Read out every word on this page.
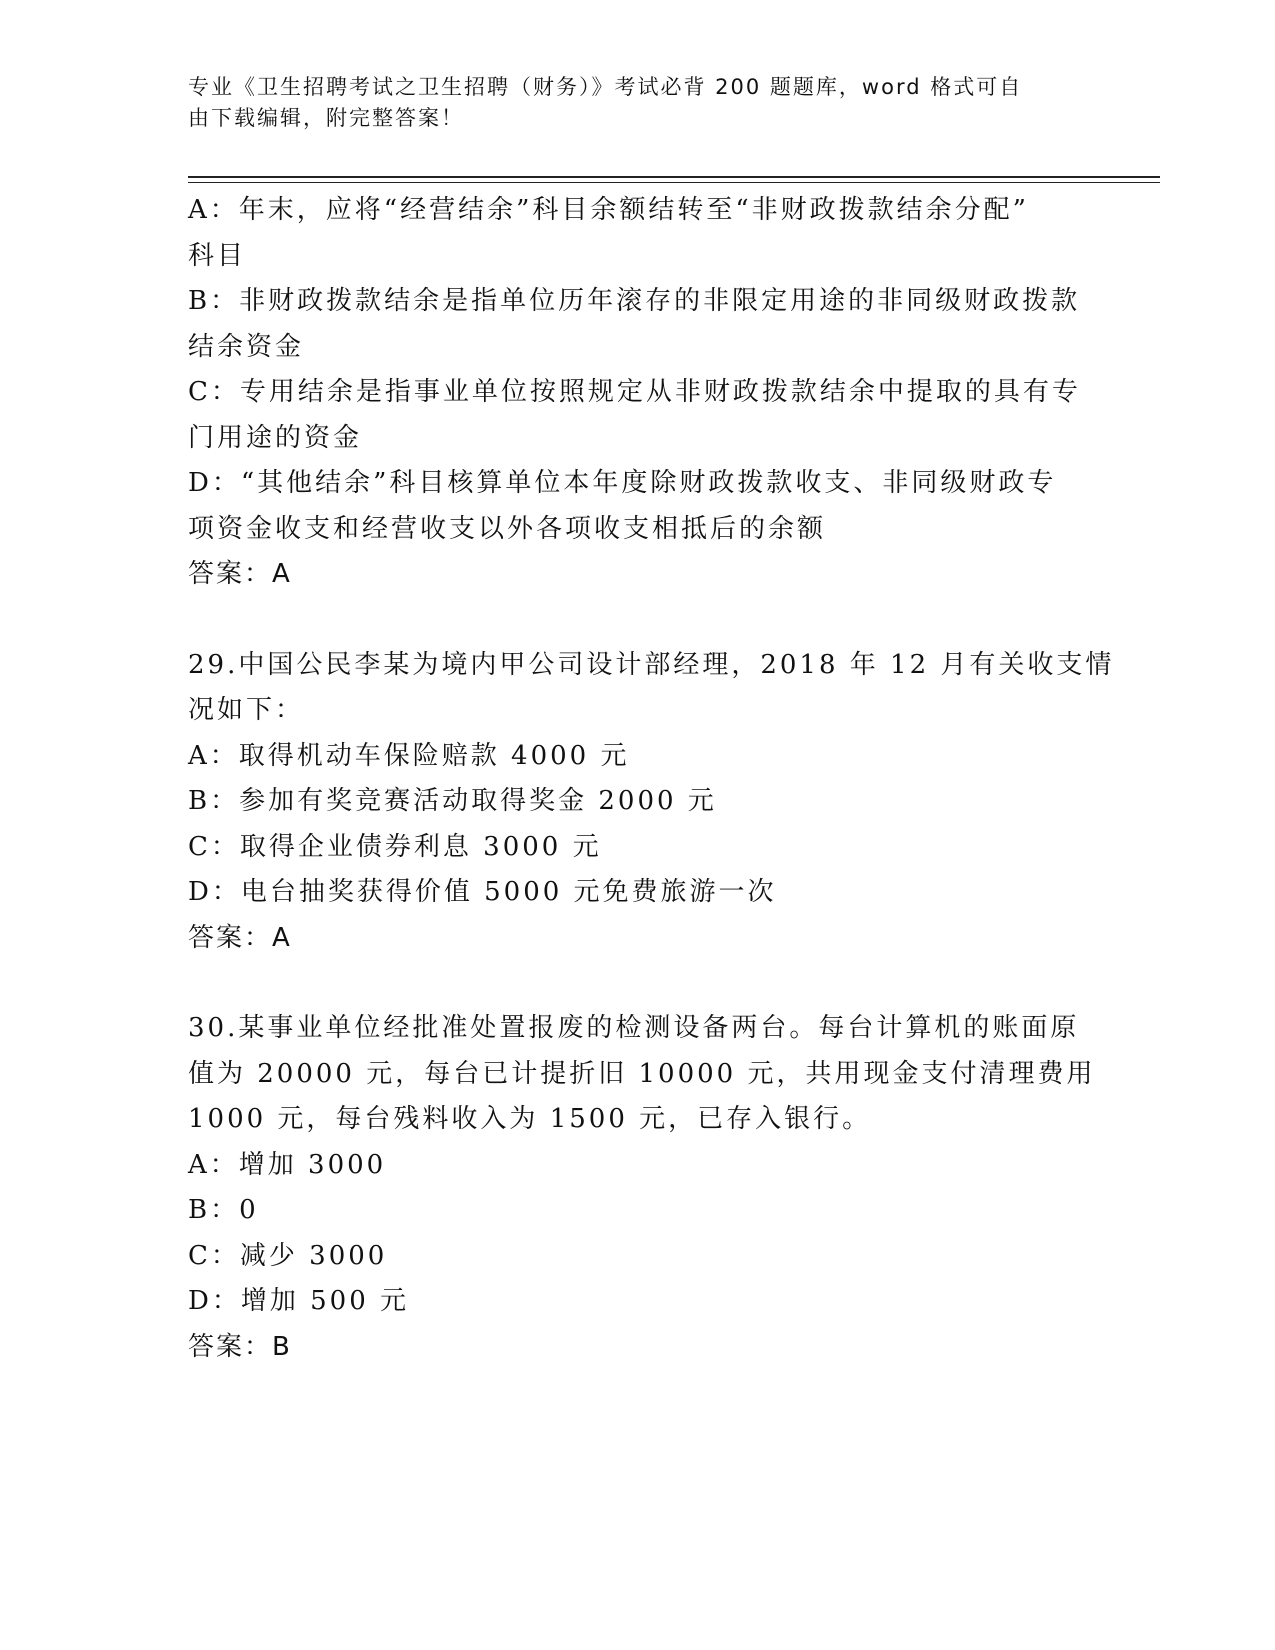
专业《卫生招聘考试之卫生招聘（财务）》考试必背 200 题题库，word 格式可自
由下载编辑，附完整答案！
A：年末，应将“经营结余”科目余额结转至“非财政拨款结余分配”
科目
B：非财政拨款结余是指单位历年滚存的非限定用途的非同级财政拨款
结余资金
C：专用结余是指事业单位按照规定从非财政拨款结余中提取的具有专
门用途的资金
D：“其他结余”科目核算单位本年度除财政拨款收支、非同级财政专
项资金收支和经营收支以外各项收支相抵后的余额
答案：A
29.中国公民李某为境内甲公司设计部经理，2018 年 12 月有关收支情
况如下：
A：取得机动车保险赔款 4000 元
B：参加有奖竞赛活动取得奖金 2000 元
C：取得企业债券利息 3000 元
D：电台抽奖获得价值 5000 元免费旅游一次
答案：A
30.某事业单位经批准处置报废的检测设备两台。每台计算机的账面原
值为 20000 元，每台已计提折旧 10000 元，共用现金支付清理费用
1000 元，每台残料收入为 1500 元，已存入银行。
A：增加 3000
B：0
C：减少 3000
D：增加 500 元
答案：B
